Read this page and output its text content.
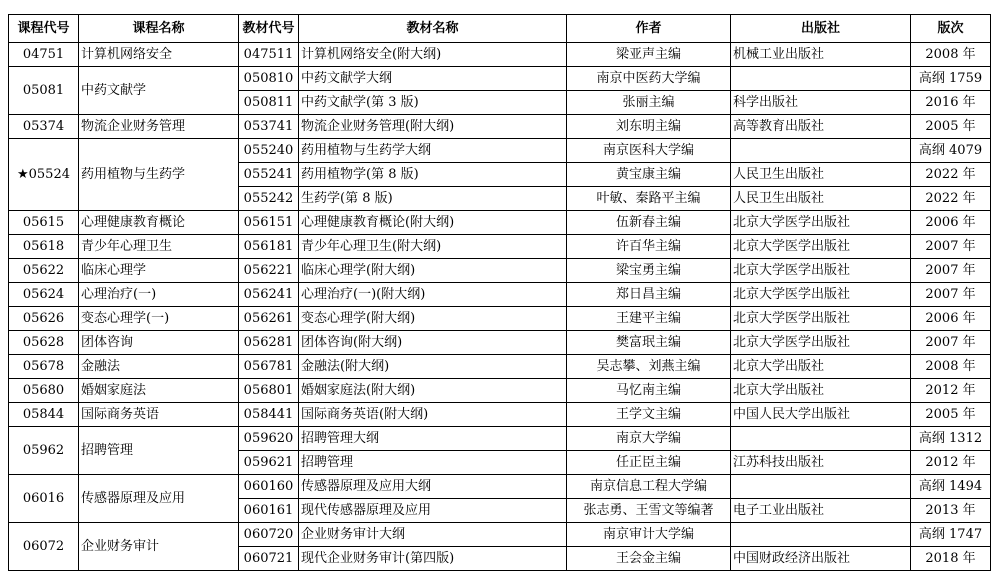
课程代号	课程名称	教材代号	教材名称	作者	出版社	版次
04751	计算机网络安全	047511	计算机网络安全(附大纲)	梁亚声主编	机械工业出版社	2008 年
05081	中药文献学	050810	中药文献学大纲	南京中医药大学编		高纲 1759
		050811	中药文献学(第 3 版)	张丽主编	科学出版社	2016 年
05374	物流企业财务管理	053741	物流企业财务管理(附大纲)	刘东明主编	高等教育出版社	2005 年
★05524	药用植物与生药学	055240	药用植物与生药学大纲	南京医科大学编		高纲 4079
		055241	药用植物学(第 8 版)	黄宝康主编	人民卫生出版社	2022 年
		055242	生药学(第 8 版)	叶敏、秦路平主编	人民卫生出版社	2022 年
05615	心理健康教育概论	056151	心理健康教育概论(附大纲)	伍新春主编	北京大学医学出版社	2006 年
05618	青少年心理卫生	056181	青少年心理卫生(附大纲)	许百华主编	北京大学医学出版社	2007 年
05622	临床心理学	056221	临床心理学(附大纲)	梁宝勇主编	北京大学医学出版社	2007 年
05624	心理治疗(一)	056241	心理治疗(一)(附大纲)	郑日昌主编	北京大学医学出版社	2007 年
05626	变态心理学(一)	056261	变态心理学(附大纲)	王建平主编	北京大学医学出版社	2006 年
05628	团体咨询	056281	团体咨询(附大纲)	樊富珉主编	北京大学医学出版社	2007 年
05678	金融法	056781	金融法(附大纲)	吴志攀、刘燕主编	北京大学出版社	2008 年
05680	婚姻家庭法	056801	婚姻家庭法(附大纲)	马忆南主编	北京大学出版社	2012 年
05844	国际商务英语	058441	国际商务英语(附大纲)	王学文主编	中国人民大学出版社	2005 年
05962	招聘管理	059620	招聘管理大纲	南京大学编		高纲 1312
		059621	招聘管理	任正臣主编	江苏科技出版社	2012 年
06016	传感器原理及应用	060160	传感器原理及应用大纲	南京信息工程大学编		高纲 1494
		060161	现代传感器原理及应用	张志勇、王雪文等编著	电子工业出版社	2013 年
06072	企业财务审计	060720	企业财务审计大纲	南京审计大学编		高纲 1747
		060721	现代企业财务审计(第四版)	王会金主编	中国财政经济出版社	2018 年
